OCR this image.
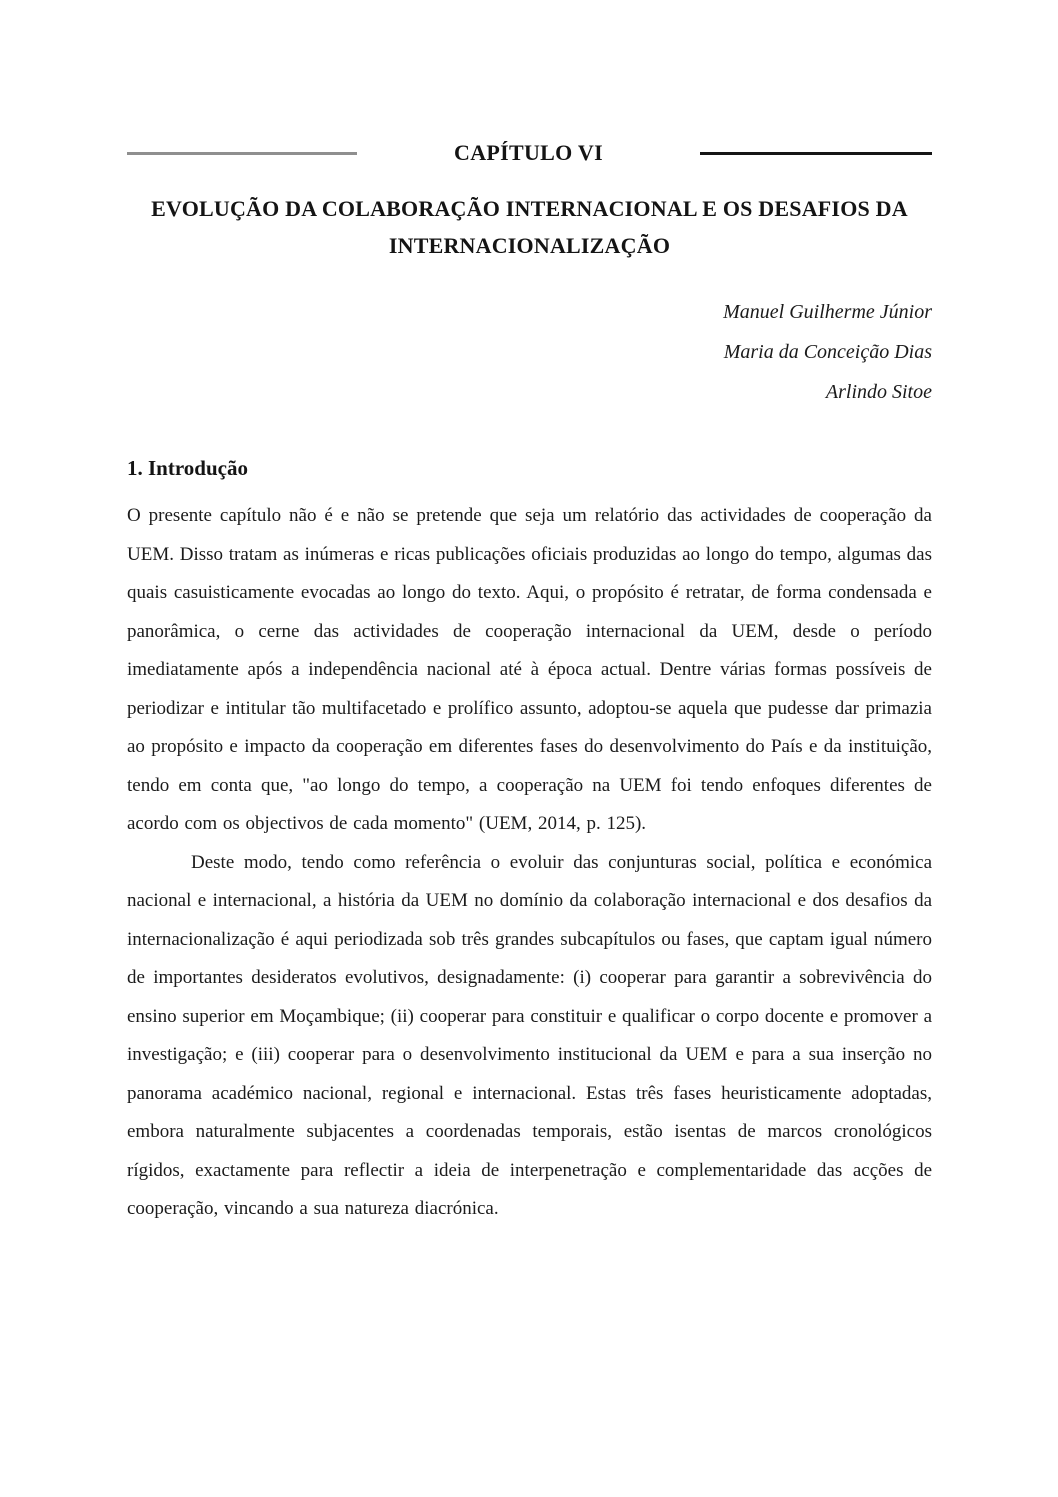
CAPÍTULO VI
EVOLUÇÃO DA COLABORAÇÃO INTERNACIONAL E OS DESAFIOS DA INTERNACIONALIZAÇÃO

Manuel Guilherme Júnior

Maria da Conceição Dias

Arlindo Sitoe

1. Introdução

O presente capítulo não é e não se pretende que seja um relatório das actividades de cooperação da UEM. Disso tratam as inúmeras e ricas publicações oficiais produzidas ao longo do tempo, algumas das quais casuisticamente evocadas ao longo do texto. Aqui, o propósito é retratar, de forma condensada e panorâmica, o cerne das actividades de cooperação internacional da UEM, desde o período imediatamente após a independência nacional até à época actual. Dentre várias formas possíveis de periodizar e intitular tão multifacetado e prolífico assunto, adoptou-se aquela que pudesse dar primazia ao propósito e impacto da cooperação em diferentes fases do desenvolvimento do País e da instituição, tendo em conta que, "ao longo do tempo, a cooperação na UEM foi tendo enfoques diferentes de acordo com os objectivos de cada momento" (UEM, 2014, p. 125).

Deste modo, tendo como referência o evoluir das conjunturas social, política e económica nacional e internacional, a história da UEM no domínio da colaboração internacional e dos desafios da internacionalização é aqui periodizada sob três grandes subcapítulos ou fases, que captam igual número de importantes desideratos evolutivos, designadamente: (i) cooperar para garantir a sobrevivência do ensino superior em Moçambique; (ii) cooperar para constituir e qualificar o corpo docente e promover a investigação; e (iii) cooperar para o desenvolvimento institucional da UEM e para a sua inserção no panorama académico nacional, regional e internacional. Estas três fases heuristicamente adoptadas, embora naturalmente subjacentes a coordenadas temporais, estão isentas de marcos cronológicos rígidos, exactamente para reflectir a ideia de interpenetração e complementaridade das acções de cooperação, vincando a sua natureza diacrónica.
